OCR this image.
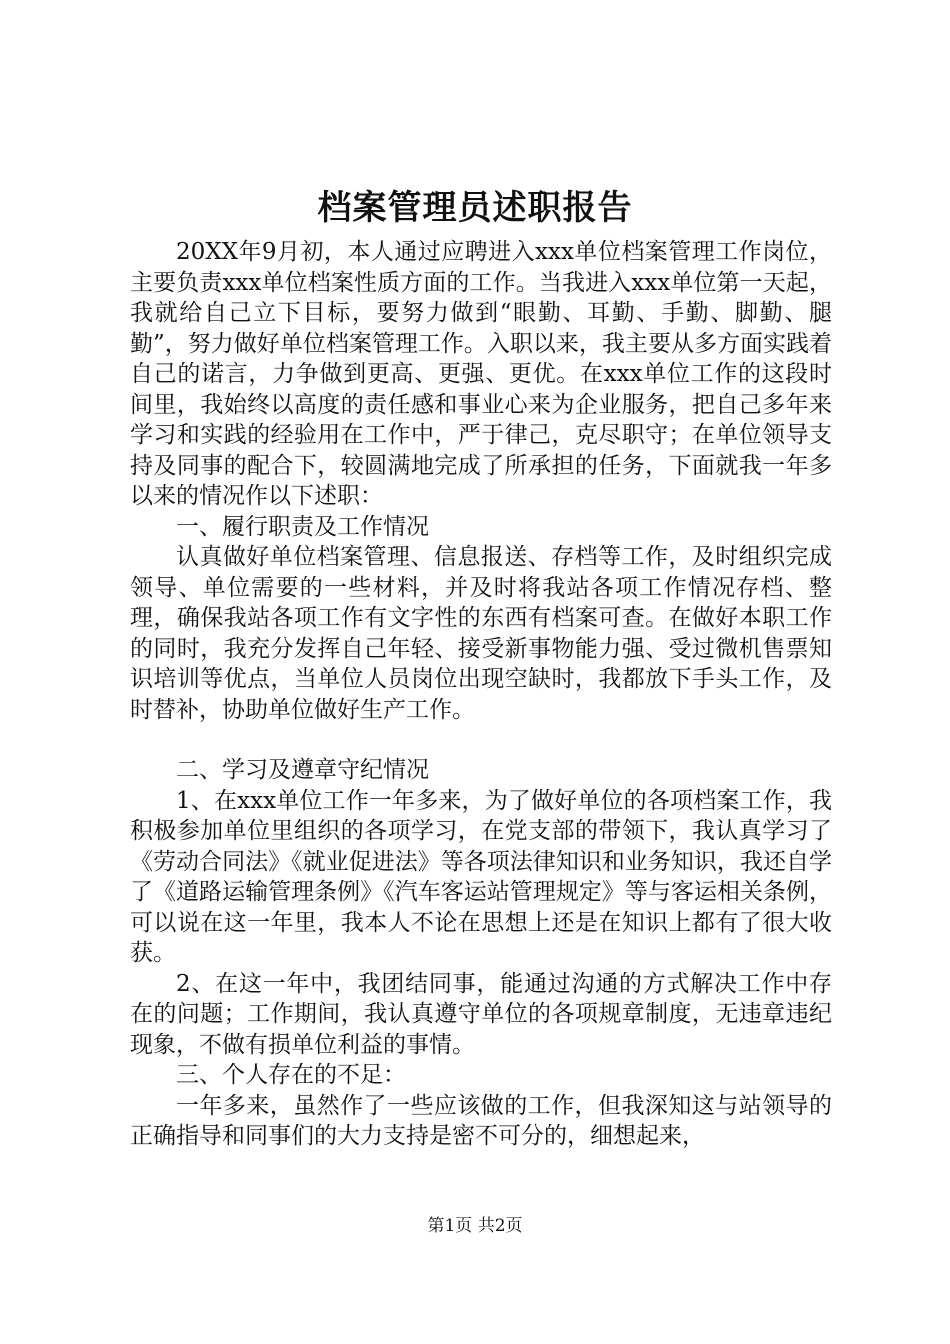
档案管理员述职报告

20XX年9月初，本人通过应聘进入xxx单位档案管理工作岗位，主要负责xxx单位档案性质方面的工作。当我进入xxx单位第一天起，我就给自己立下目标，要努力做到“眼勤、耳勤、手勤、脚勤、腿勤”，努力做好单位档案管理工作。入职以来，我主要从多方面实践着自己的诺言，力争做到更高、更强、更优。在xxx单位工作的这段时间里，我始终以高度的责任感和事业心来为企业服务，把自己多年来学习和实践的经验用在工作中，严于律己，克尽职守；在单位领导支持及同事的配合下，较圆满地完成了所承担的任务，下面就我一年多以来的情况作以下述职：

一、履行职责及工作情况

认真做好单位档案管理、信息报送、存档等工作，及时组织完成领导、单位需要的一些材料，并及时将我站各项工作情况存档、整理，确保我站各项工作有文字性的东西有档案可查。在做好本职工作的同时，我充分发挥自己年轻、接受新事物能力强、受过微机售票知识培训等优点，当单位人员岗位出现空缺时，我都放下手头工作，及时替补，协助单位做好生产工作。

二、学习及遵章守纪情况

1、在xxx单位工作一年多来，为了做好单位的各项档案工作，我积极参加单位里组织的各项学习，在党支部的带领下，我认真学习了《劳动合同法》《就业促进法》等各项法律知识和业务知识，我还自学了《道路运输管理条例》《汽车客运站管理规定》等与客运相关条例，可以说在这一年里，我本人不论在思想上还是在知识上都有了很大收获。

2、在这一年中，我团结同事，能通过沟通的方式解决工作中存在的问题；工作期间，我认真遵守单位的各项规章制度，无违章违纪现象，不做有损单位利益的事情。

三、个人存在的不足：

一年多来，虽然作了一些应该做的工作，但我深知这与站领导的正确指导和同事们的大力支持是密不可分的，细想起来，

第1页 共2页
